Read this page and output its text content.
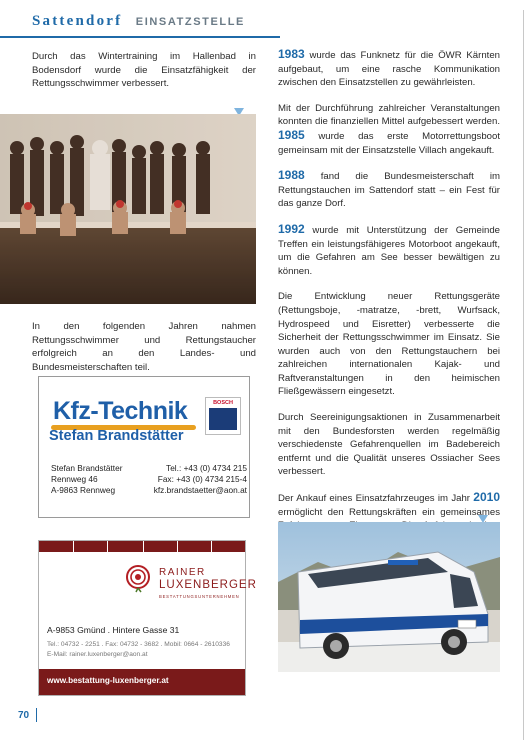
Sattendorf EINSATZSTELLE
Durch das Wintertraining im Hallenbad in Bodensdorf wurde die Einsatzfähigkeit der Rettungsschwimmer verbessert.
In den folgenden Jahren nahmen Rettungsschwimmer und Rettungstaucher erfolgreich an den Landes- und Bundesmeisterschaften teil.
Kfz-Technik
Stefan Brandstätter
BOSCH
Stefan Brandstätter	Tel.: +43 (0) 4734 215
Rennweg 46	Fax: +43 (0) 4734 215-4
A-9863 Rennweg	kfz.brandstaetter@aon.at
RAINER
LUXENBERGER
BESTATTUNGSUNTERNEHMEN
A-9853 Gmünd . Hintere Gasse 31
Tel.: 04732 - 2251 . Fax: 04732 - 3682 . Mobil: 0664 - 2610336
E-Mail: rainer.luxenberger@aon.at
www.bestattung-luxenberger.at

1983 wurde das Funknetz für die ÖWR Kärnten aufgebaut, um eine rasche Kommunikation zwischen den Einsatzstellen zu gewährleisten.

Mit der Durchführung zahlreicher Veranstaltungen konnten die finanziellen Mittel aufgebessert werden. 1985 wurde das erste Motorrettungsboot gemeinsam mit der Einsatzstelle Villach angekauft.

1988 fand die Bundesmeisterschaft im Rettungstauchen im Sattendorf statt – ein Fest für das ganze Dorf.

1992 wurde mit Unterstützung der Gemeinde Treffen ein leistungsfähigeres Motorboot angekauft, um die Gefahren am See besser bewältigen zu können.

Die Entwicklung neuer Rettungsgeräte (Rettungsboje, -matratze, -brett, Wurfsack, Hydrospeed und Eisretter) verbesserte die Sicherheit der Rettungsschwimmer im Einsatz. Sie wurden auch von den Rettungstauchern bei zahlreichen internationalen Kajak- und Raftveranstaltungen in den heimischen Fließgewässern eingesetzt.

Durch Seereinigungsaktionen in Zusammenarbeit mit den Bundesforsten werden regelmäßig verschiedenste Gefahrenquellen im Badebereich entfernt und die Qualität unseres Ossiacher Sees verbessert.

Der Ankauf eines Einsatzfahrzeuges im Jahr 2010 ermöglicht den Rettungskräften ein gemeinsames

70
